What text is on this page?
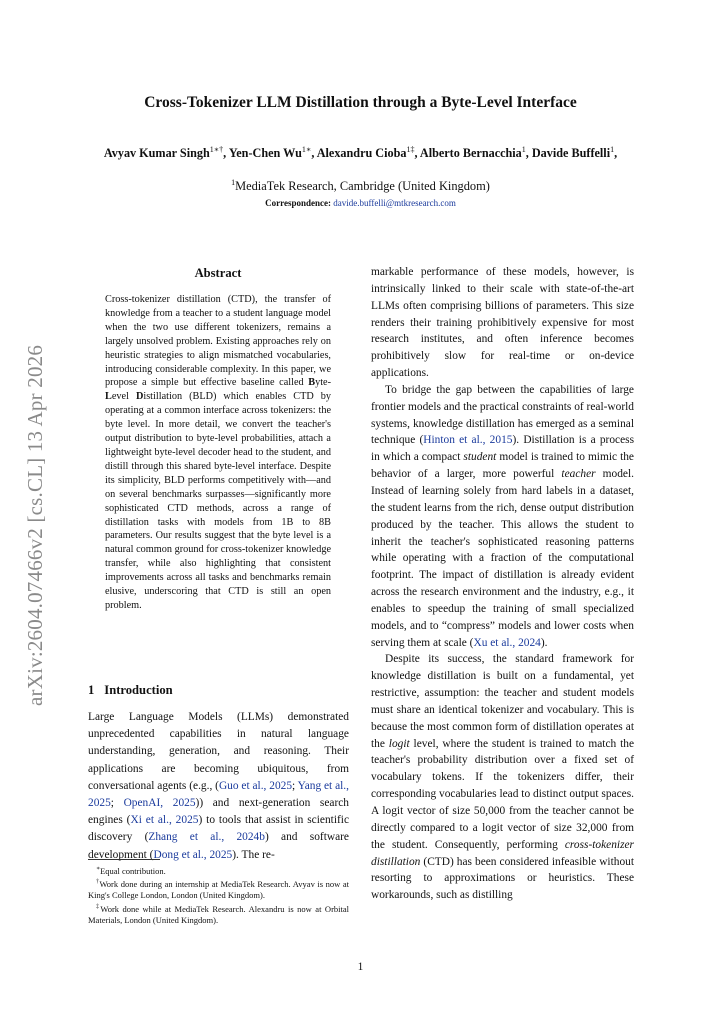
arXiv:2604.07466v2 [cs.CL] 13 Apr 2026
Cross-Tokenizer LLM Distillation through a Byte-Level Interface
Avyav Kumar Singh$^{1∗\dagger}$, Yen-Chen $Wu^{1∗}$, Alexandru Cioba$^{1\ddagger}$, Alberto Bernacchia$^1$, Davide Buffelli$^1$,
$^1$MediaTek Research, Cambridge (United Kingdom)
Correspondence: davide.buffelli@mtkresearch.com
Abstract
Cross-tokenizer distillation (CTD), the transfer of knowledge from a teacher to a student language model when the two use different tokenizers, remains a largely unsolved problem. Existing approaches rely on heuristic strategies to align mismatched vocabularies, introducing considerable complexity. In this paper, we propose a simple but effective baseline called Byte-Level Distillation (BLD) which enables CTD by operating at a common interface across tokenizers: the byte level. In more detail, we convert the teacher's output distribution to byte-level probabilities, attach a lightweight byte-level decoder head to the student, and distill through this shared byte-level interface. Despite its simplicity, BLD performs competitively with—and on several benchmarks surpasses—significantly more sophisticated CTD methods, across a range of distillation tasks with models from 1B to 8B parameters. Our results suggest that the byte level is a natural common ground for cross-tokenizer knowledge transfer, while also highlighting that consistent improvements across all tasks and benchmarks remain elusive, underscoring that CTD is still an open problem.
1 Introduction
Large Language Models (LLMs) demonstrated unprecedented capabilities in natural language understanding, generation, and reasoning. Their applications are becoming ubiquitous, from conversational agents (e.g., (Guo et al., 2025; Yang et al., 2025; OpenAI, 2025)) and next-generation search engines (Xi et al., 2025) to tools that assist in scientific discovery (Zhang et al., 2024b) and software development (Dong et al., 2025). The re-

∗Equal contribution.

†Work done during an internship at MediaTek Research. Avyav is now at King's College London, London (United Kingdom).

‡Work done while at MediaTek Research. Alexandru is now at Orbital Materials, London (United Kingdom).

markable performance of these models, however, is intrinsically linked to their scale with state-of-the-art LLMs often comprising billions of parameters. This size renders their training prohibitively expensive for most research institutes, and often inference becomes prohibitively slow for real-time or on-device applications.

To bridge the gap between the capabilities of large frontier models and the practical constraints of real-world systems, knowledge distillation has emerged as a seminal technique (Hinton et al., 2015). Distillation is a process in which a compact student model is trained to mimic the behavior of a larger, more powerful teacher model. Instead of learning solely from hard labels in a dataset, the student learns from the rich, dense output distribution produced by the teacher. This allows the student to inherit the teacher's sophisticated reasoning patterns while operating with a fraction of the computational footprint. The impact of distillation is already evident across the research environment and the industry, e.g., it enables to speedup the training of small specialized models, and to “compress” models and lower costs when serving them at scale (Xu et al., 2024).

Despite its success, the standard framework for knowledge distillation is built on a fundamental, yet restrictive, assumption: the teacher and student models must share an identical tokenizer and vocabulary. This is because the most common form of distillation operates at the logit level, where the student is trained to match the teacher's probability distribution over a fixed set of vocabulary tokens. If the tokenizers differ, their corresponding vocabularies lead to distinct output spaces. A logit vector of size 50,000 from the teacher cannot be directly compared to a logit vector of size 32,000 from the student. Consequently, performing cross-tokenizer distillation (CTD) has been considered infeasible without resorting to approximations or heuristics. These workarounds, such as distilling

1
